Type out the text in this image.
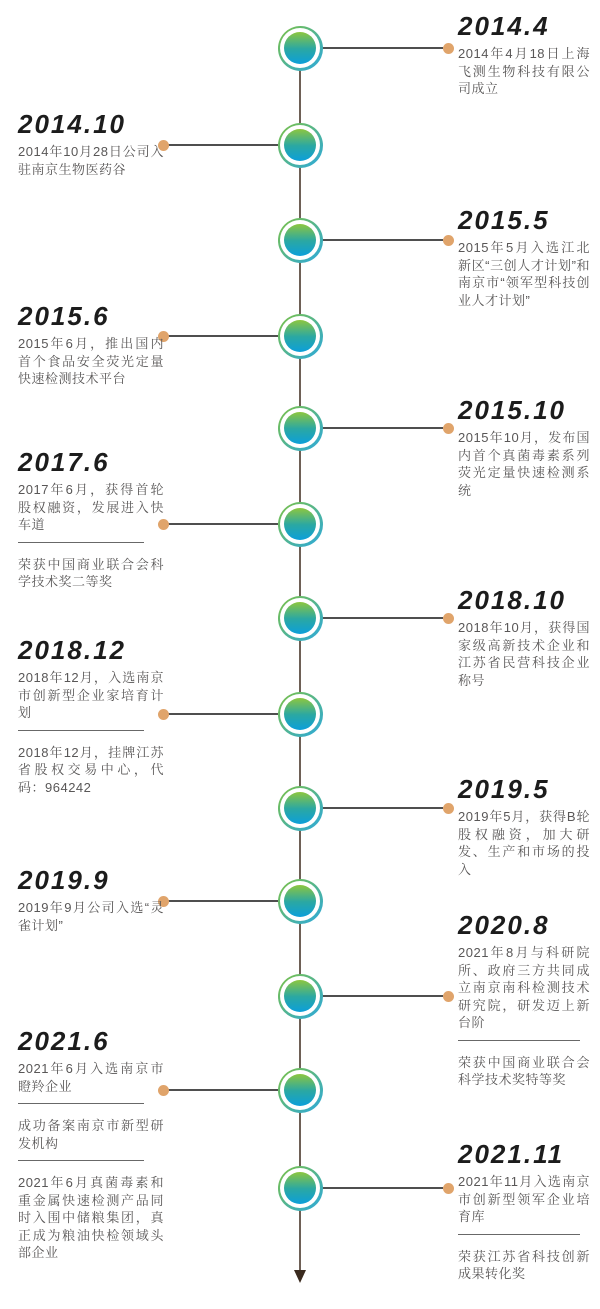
2014.4

2014年4月18日上海飞测生物科技有限公司成立

2014.10

2014年10月28日公司入驻南京生物医药谷

2015.5

2015年5月入选江北新区“三创人才计划”和南京市“领军型科技创业人才计划”

2015.6

2015年6月，推出国内首个食品安全荧光定量快速检测技术平台

2015.10

2015年10月，发布国内首个真菌毒素系列荧光定量快速检测系统

2017.6

2017年6月，获得首轮股权融资，发展进入快车道

荣获中国商业联合会科学技术奖二等奖

2018.10

2018年10月，获得国家级高新技术企业和江苏省民营科技企业称号

2018.12

2018年12月，入选南京市创新型企业家培育计划

2018年12月，挂牌江苏省股权交易中心，代码：964242	2019.5

2019年5月，获得B轮股权融资，加大研发、生产和市场的投入

2019.9

2019年9月公司入选“灵雀计划”	2020.8

2021年8月与科研院所、政府三方共同成立南京南科检测技术研究院，研发迈上新台阶

荣获中国商业联合会科学技术奖特等奖

2021.6

2021年6月入选南京市瞪羚企业

成功备案南京市新型研发机构

2021年6月真菌毒素和重金属快速检测产品同时入围中储粮集团，真正成为粮油快检领域头部企业

2021.11

2021年11月入选南京市创新型领军企业培育库

荣获江苏省科技创新成果转化奖
